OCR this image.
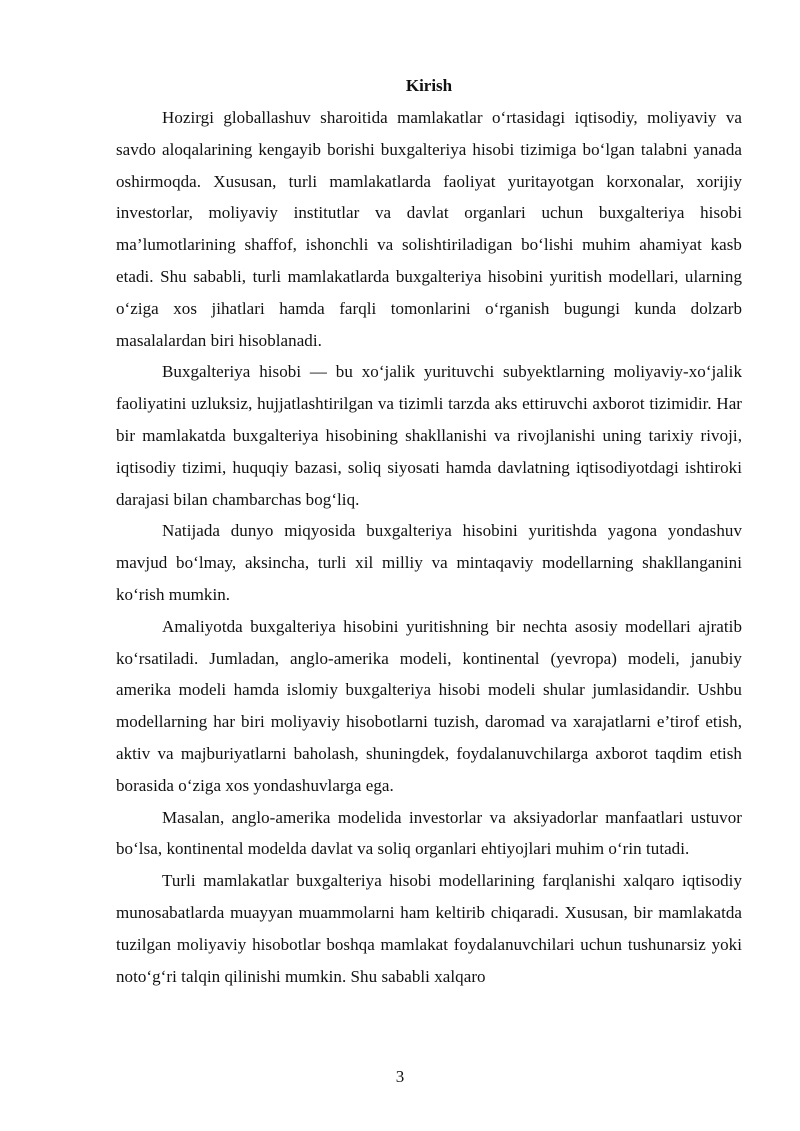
Kirish

Hozirgi globallashuv sharoitida mamlakatlar o‘rtasidagi iqtisodiy, moliyaviy va savdo aloqalarining kengayib borishi buxgalteriya hisobi tizimiga bo‘lgan talabni yanada oshirmoqda. Xususan, turli mamlakatlarda faoliyat yuritayotgan korxonalar, xorijiy investorlar, moliyaviy institutlar va davlat organlari uchun buxgalteriya hisobi ma’lumotlarining shaffof, ishonchli va solishtiriladigan bo‘lishi muhim ahamiyat kasb etadi. Shu sababli, turli mamlakatlarda buxgalteriya hisobini yuritish modellari, ularning o‘ziga xos jihatlari hamda farqli tomonlarini o‘rganish bugungi kunda dolzarb masalalardan biri hisoblanadi.

Buxgalteriya hisobi — bu xo‘jalik yurituvchi subyektlarning moliyaviy-xo‘jalik faoliyatini uzluksiz, hujjatlashtirilgan va tizimli tarzda aks ettiruvchi axborot tizimidir. Har bir mamlakatda buxgalteriya hisobining shakllanishi va rivojlanishi uning tarixiy rivoji, iqtisodiy tizimi, huquqiy bazasi, soliq siyosati hamda davlatning iqtisodiyotdagi ishtiroki darajasi bilan chambarchas bog‘liq.

Natijada dunyo miqyosida buxgalteriya hisobini yuritishda yagona yondashuv mavjud bo‘lmay, aksincha, turli xil milliy va mintaqaviy modellarning shakllanganini ko‘rish mumkin.

Amaliyotda buxgalteriya hisobini yuritishning bir nechta asosiy modellari ajratib ko‘rsatiladi. Jumladan, anglo-amerika modeli, kontinental (yevropa) modeli, janubiy amerika modeli hamda islomiy buxgalteriya hisobi modeli shular jumlasidandir. Ushbu modellarning har biri moliyaviy hisobotlarni tuzish, daromad va xarajatlarni e’tirof etish, aktiv va majburiyatlarni baholash, shuningdek, foydalanuvchilarga axborot taqdim etish borasida o‘ziga xos yondashuvlarga ega.

Masalan, anglo-amerika modelida investorlar va aksiyadorlar manfaatlari ustuvor bo‘lsa, kontinental modelda davlat va soliq organlari ehtiyojlari muhim o‘rin tutadi.

Turli mamlakatlar buxgalteriya hisobi modellarining farqlanishi xalqaro iqtisodiy munosabatlarda muayyan muammolarni ham keltirib chiqaradi. Xususan, bir mamlakatda tuzilgan moliyaviy hisobotlar boshqa mamlakat foydalanuvchilari uchun tushunarsiz yoki noto‘g‘ri talqin qilinishi mumkin. Shu sababli xalqaro

3
